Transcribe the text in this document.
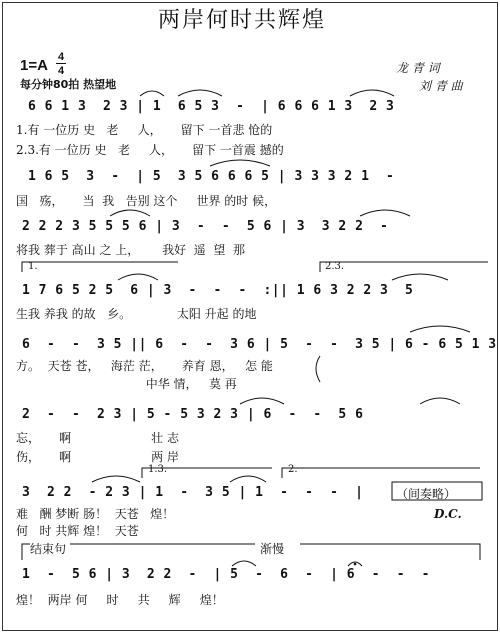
两岸何时共辉煌
1=A 4
4
每分钟80拍 热望地
龙 青 词
刘 青 曲
6 6 1 3  2 3 | 1  6 5 3  -  | 6 6 6 1 3  2 3
1.有 一位历 史   老     人，     留下 一首悲 怆的
2.3.有 一位历 史   老     人，     留下 一首震 撼的
1 6 5  3  -  | 5  3 5 6 6 6 5 | 3 3 3 2 1  -
国   殇，     当  我   告别 这个     世界 的时 候，
2 2 2 3 5 5 5 6 | 3  -  -  5 6 | 3  3 2 2  -
将我 葬于 高山 之 上，      我好  遥  望  那
1.	2.3.
1 7 6 5 2 5  6 | 3  -  -  -  :|| 1 6 3 2 2 3  5
生我 养我 的故   乡。            太阳 升起 的地
6  -  -  3 5 || 6  -  -  3 6 | 5  -  -  3 5 | 6 - 6 5 1 3
方。  天苍 苍，   海茫 茫，     养育 恩，   怎 能
中华 情，   莫 再
2  -  -  2 3 | 5 - 5 3 2 3 | 6  -  -  5 6
忘，     啊                     壮 志
伤，     啊                     两 岸
1.3.	2.
3  2 2  - 2 3 | 1  -  3 5 | 1  -  -  -  |	（间奏略）
难   酬 梦断 肠！  天苍   煌！
何   时 共辉 煌！  天苍
D.C.
结束句	渐慢
1  -  5 6 | 3  2 2  -  | 5  -  6  -  | 6  -  -  -
煌！  两岸 何     时     共     辉     煌！
